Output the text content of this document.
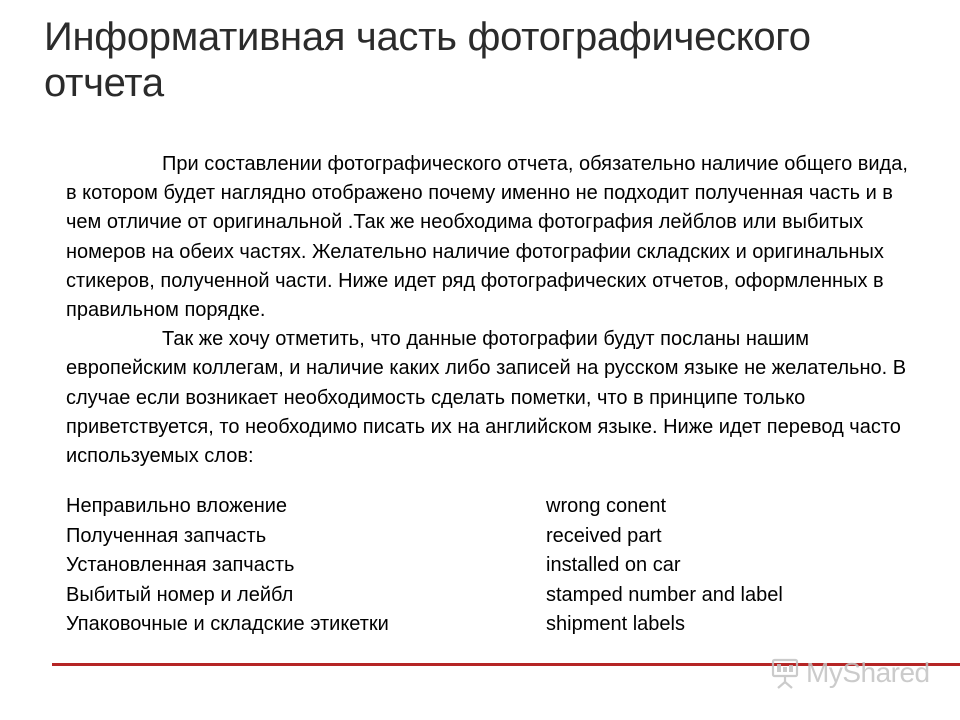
Информативная часть фотографического отчета

При составлении фотографического отчета, обязательно наличие общего вида, в котором будет наглядно отображено почему именно не подходит полученная часть и в чем отличие от оригинальной .Так же необходима фотография лейблов или выбитых номеров на обеих частях. Желательно наличие фотографии складских и оригинальных стикеров, полученной части. Ниже идет ряд фотографических отчетов, оформленных в правильном порядке.

Так же хочу отметить, что данные фотографии будут посланы нашим европейским коллегам, и наличие каких либо записей на русском языке не желательно. В случае если возникает необходимость сделать пометки, что в принципе только приветствуется, то необходимо писать их на английском языке. Ниже идет перевод часто используемых слов:

Неправильно вложение	wrong conent
Полученная запчасть	received part
Установленная запчасть	installed on car
Выбитый номер и лейбл	stamped number and label
Упаковочные и складские этикетки	shipment labels
MyShared
